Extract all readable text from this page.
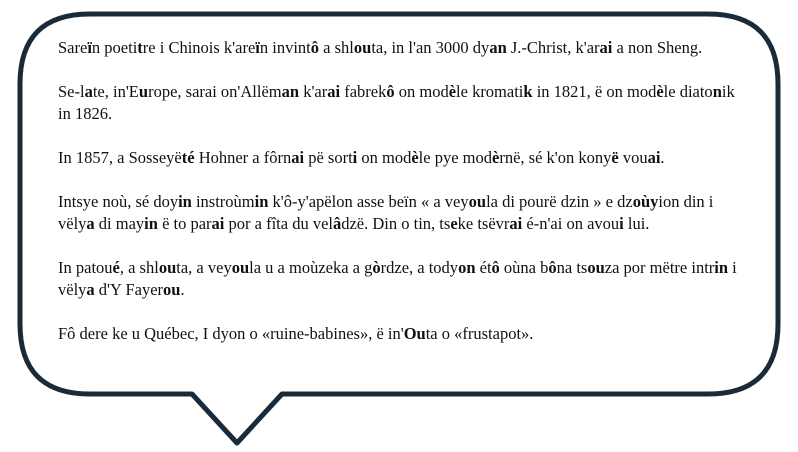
Sareïn poetitre i Chinois k'areïn invintô a shlouta, in l'an 3000 dyan J.-Christ, k'arai a non Sheng.

Se-late, in'Europe, sarai on'Allëman k'arai fabrekô on modèle kromatik in 1821, ë on modèle diatonik in 1826.

In 1857, a Sosseyëté Hohner a fôrnai pë sorti on modèle pye modèrnë, sé k'on konyë vouai.

Intsye noù, sé doyin instroùmin k'ô-y'apëlon asse beïn « a veyoula di pourë dzin » e dzoùyion din i vëlya di mayin ë to parai por a fîta du velâdzë. Din o tin, tseke tsëvrai é-n'ai on avoui lui.

In patoué, a shlouta, a veyoula u a moùzeka a gòrdze, a todyon étô oùna bôna tsouza por mëtre intrin i vëlya d'Y Fayerou.

Fô dere ke u Québec, I dyon o «ruine-babines», ë in'Outa o «frustapot».
